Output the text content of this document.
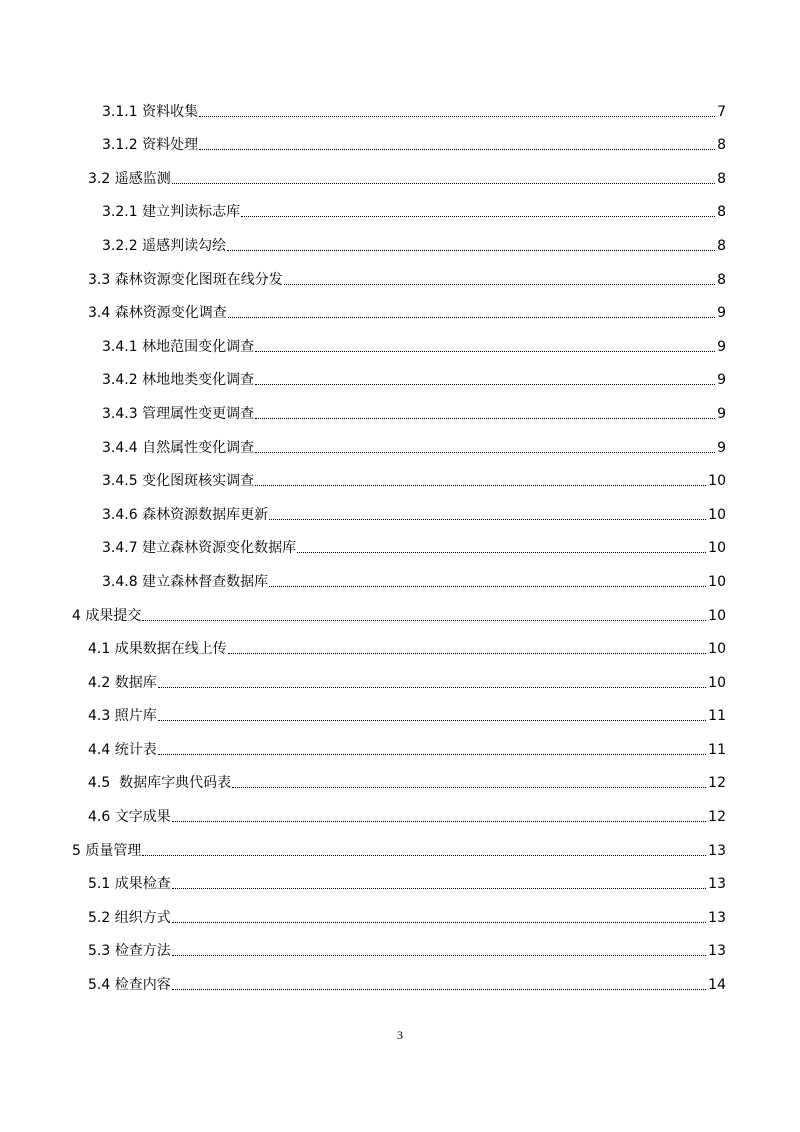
3.1.1 资料收集	7
3.1.2 资料处理	8
3.2 遥感监测	8
3.2.1 建立判读标志库	8
3.2.2 遥感判读勾绘	8
3.3 森林资源变化图斑在线分发	8
3.4 森林资源变化调查	9
3.4.1 林地范围变化调查	9
3.4.2 林地地类变化调查	9
3.4.3 管理属性变更调查	9
3.4.4 自然属性变化调查	9
3.4.5 变化图斑核实调查	10
3.4.6 森林资源数据库更新	10
3.4.7 建立森林资源变化数据库	10
3.4.8 建立森林督查数据库	10
4 成果提交	10
4.1 成果数据在线上传	10
4.2 数据库	10
4.3 照片库	11
4.4 统计表	11
4.5  数据库字典代码表	12
4.6 文字成果	12
5 质量管理	13
5.1 成果检查	13
5.2 组织方式	13
5.3 检查方法	13
5.4 检查内容	14
3
